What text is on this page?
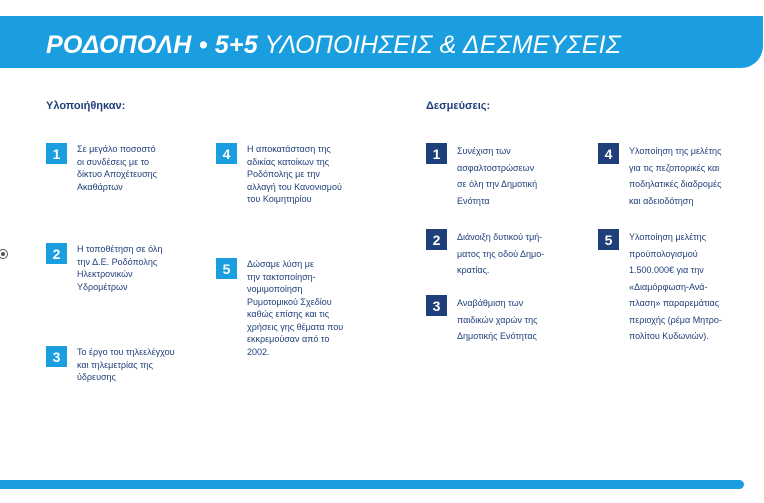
ΡΟΔΟΠΟΛΗ • 5+5 ΥΛΟΠΟΙΗΣΕΙΣ & ΔΕΣΜΕΥΣΕΙΣ
Υλοποιήθηκαν:
1	Σε μεγάλο ποσοστό
οι συνδέσεις με το
δίκτυο Αποχέτευσης
Ακαθάρτων
2	Η τοποθέτηση σε όλη
την Δ.Ε. Ροδόπολης
Ηλεκτρονικών
Υδρομέτρων
3	Το έργο του τηλεελέγχου
και τηλεμετρίας της
ύδρευσης
4	Η αποκατάσταση της
αδικίας κατοίκων της
Ροδόπολης με την
αλλαγή του Κανονισμού
του Κοιμητηρίου
5	Δώσαμε λύση με
την τακτοποίηση-
νομιμοποίηση
Ρυμοτομικού Σχεδίου
καθώς επίσης και τις
χρήσεις γης θέματα που
εκκρεμούσαν από το
2002.
Δεσμεύσεις:
1	Συνέχιση των
ασφαλτοστρώσεων
σε όλη την Δημοτική
Ενότητα
2	Διάνοιξη δυτικού τμή-
ματος της οδού Δημο-
κρατίας.
3	Αναβάθμιση των
παιδικών χαρών της
Δημοτικής Ενότητας
4	Υλοποίηση της μελέτης
για τις πεζοπορικές και
ποδηλατικές διαδρομές
και αδειοδότηση
5	Υλοποίηση μελέτης
προύπολογισμού
1.500.000€ για την
«Διαμόρφωση-Ανά-
πλαση» παραρεμάτιας
περιοχής (ρέμα Μητρο-
πολίτου Κυδωνιών).
